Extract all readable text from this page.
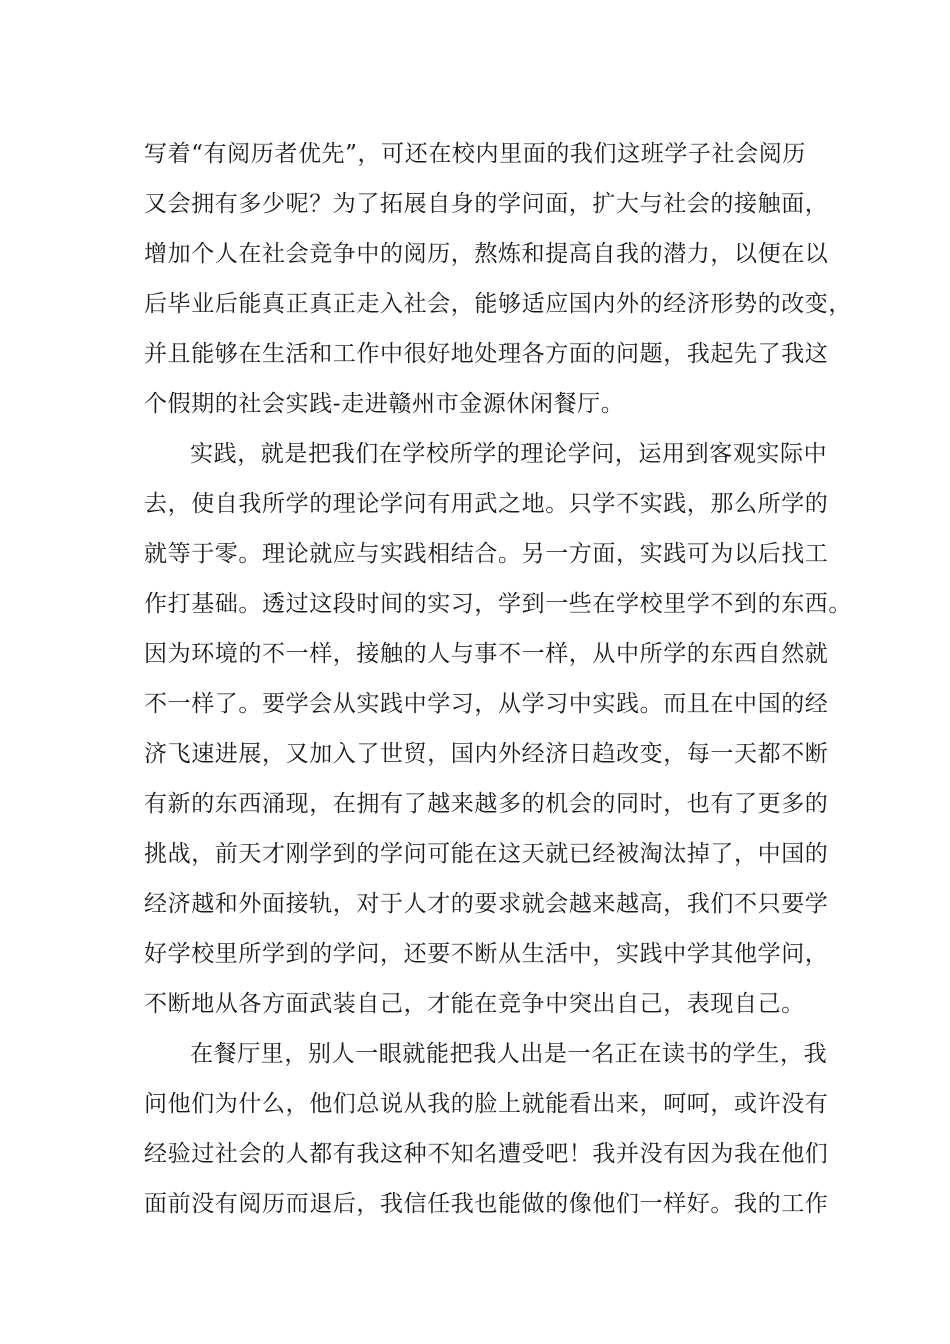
写着“有阅历者优先”，可还在校内里面的我们这班学子社会阅历
又会拥有多少呢？为了拓展自身的学问面，扩大与社会的接触面，
增加个人在社会竞争中的阅历，熬炼和提高自我的潜力，以便在以
后毕业后能真正真正走入社会，能够适应国内外的经济形势的改变，
并且能够在生活和工作中很好地处理各方面的问题，我起先了我这
个假期的社会实践-走进赣州市金源休闲餐厅。
实践，就是把我们在学校所学的理论学问，运用到客观实际中
去，使自我所学的理论学问有用武之地。只学不实践，那么所学的
就等于零。理论就应与实践相结合。另一方面，实践可为以后找工
作打基础。透过这段时间的实习，学到一些在学校里学不到的东西。
因为环境的不一样，接触的人与事不一样，从中所学的东西自然就
不一样了。要学会从实践中学习，从学习中实践。而且在中国的经
济飞速进展，又加入了世贸，国内外经济日趋改变，每一天都不断
有新的东西涌现，在拥有了越来越多的机会的同时，也有了更多的
挑战，前天才刚学到的学问可能在这天就已经被淘汰掉了，中国的
经济越和外面接轨，对于人才的要求就会越来越高，我们不只要学
好学校里所学到的学问，还要不断从生活中，实践中学其他学问，
不断地从各方面武装自己，才能在竞争中突出自己，表现自己。
在餐厅里，别人一眼就能把我人出是一名正在读书的学生，我
问他们为什么，他们总说从我的脸上就能看出来，呵呵，或许没有
经验过社会的人都有我这种不知名遭受吧！我并没有因为我在他们
面前没有阅历而退后，我信任我也能做的像他们一样好。我的工作
